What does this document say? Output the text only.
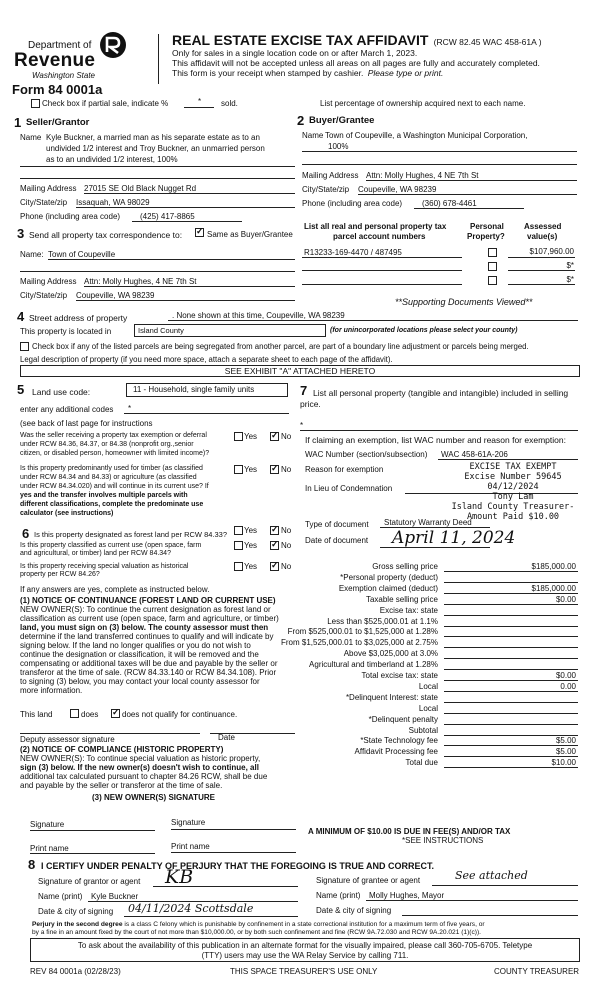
Department of
Revenue
Washington State
Form 84 0001a
REAL ESTATE EXCISE TAX AFFIDAVIT (RCW 82.45 WAC 458-61A )
Only for sales in a single location code on or after March 1, 2023.
This affidavit will not be accepted unless all areas on all pages are fully and accurately completed.
This form is your receipt when stamped by cashier. Please type or print.
Check box if partial sale, indicate %	* sold.	List percentage of ownership acquired next to each name.
1 Seller/Grantor
Name Kyle Buckner, a married man as his separate estate as to an
undivided 1/2 interest and Troy Buckner, an unmarried person
as to an undivided 1/2 interest, 100%
Mailing Address 27015 SE Old Black Nugget Rd
City/State/zip Issaquah, WA 98029
Phone (including area code) (425) 417-8865
2 Buyer/Grantee
Name Town of Coupeville, a Washington Municipal Corporation,
100%
Mailing Address Attn: Molly Hughes, 4 NE 7th St
City/State/zip Coupeville, WA 98239
Phone (including area code) (360) 678-4461
3 Send all property tax correspondence to: ✓	Same as Buyer/Grantee
Name: Town of Coupeville
Mailing Address Attn: Molly Hughes, 4 NE 7th St
City/State/zip Coupeville, WA 98239
List all real and personal property tax
parcel account numbers
Personal
Property?
Assessed
value(s)
R13233-169-4470 / 487495	$107,960.00
$*
$*
**Supporting Documents Viewed**
4 Street address of property	. None shown at this time, Coupeville, WA 98239
This property is located in	Island County	(for unincorporated locations please select your county)
Check box if any of the listed parcels are being segregated from another parcel, are part of a boundary line adjustment or parcels being merged.
Legal description of property (if you need more space, attach a separate sheet to each page of the affidavit).
SEE EXHIBIT "A" ATTACHED HERETO
5 Land use code:	11 - Household, single family units
enter any additional codes *
(see back of last page for instructions
Was the seller receiving a property tax exemption or deferral
under RCW 84.36, 84.37, or 84.38 (nonprofit org.,senior
citizen, or disabled person, homeowner with limited income)?
Yes ✓	No
Is this property predominantly used for timber (as classified
under RCW 84.34 and 84.33) or agriculture (as classified
under RCW 84.34.020) and will continue in its current use? If
yes and the transfer involves multiple parcels with
different classifications, complete the predominate use
calculator (see instructions)
Yes ✓	No
6 Is this property designated as forest land per RCW 84.33? Yes ✓	No
Is this property classified as current use (open space, farm
and agricultural, or timber) land per RCW 84.34?
Yes ✓	No
Is this property receiving special valuation as historical
property per RCW 84.26?
Yes ✓	No
If any answers are yes, complete as instructed below.
(1) NOTICE OF CONTINUANCE (FOREST LAND OR CURRENT USE)
NEW OWNER(S): To continue the current designation as forest land or
classification as current use (open space, farm and agriculture, or timber)
land, you must sign on (3) below. The county assessor must then
determine if the land transferred continues to qualify and will indicate by
signing below. If the land no longer qualifies or you do not wish to
continue the designation or classification, it will be removed and the
compensating or additional taxes will be due and payable by the seller or
transferor at the time of sale. (RCW 84.33.140 or RCW 84.34.108). Prior
to signing (3) below, you may contact your local county assessor for
more information.
This land	does ✓	does not qualify for continuance.
Deputy assessor signature	Date
(2) NOTICE OF COMPLIANCE (HISTORIC PROPERTY)
NEW OWNER(S): To continue special valuation as historic property,
sign (3) below. If the new owner(s) doesn't wish to continue, all
additional tax calculated pursuant to chapter 84.26 RCW, shall be due
and payable by the seller or transferor at the time of sale.
(3) NEW OWNER(S) SIGNATURE
Signature	Signature
Print name	Print name
7 List all personal property (tangible and intangible) included in selling
price.
*
If claiming an exemption, list WAC number and reason for exemption:
WAC Number (section/subsection) WAC 458-61A-206
Reason for exemption
In Lieu of Condemnation
EXCISE TAX EXEMPT
Excise Number 59645
04/12/2024
Tony Lam
Island County Treasurer-
Amount Paid $10.00
Type of document Statutory Warranty Deed
Date of document April 11, 2024
Gross selling price	$185,000.00
*Personal property (deduct)
Exemption claimed (deduct)	$185,000.00
Taxable selling price	$0.00
Excise tax: state
Less than $525,000.01 at 1.1%
From $525,000.01 to $1,525,000 at 1.28%
From $1,525,000.01 to $3,025,000 at 2.75%
Above $3,025,000 at 3.0%
Agricultural and timberland at 1.28%
Total excise tax: state	$0.00
Local	0.00
*Delinquent Interest: state
Local
*Delinquent penalty
Subtotal
*State Technology fee	$5.00
Affidavit Processing fee	$5.00
Total due	$10.00
A MINIMUM OF $10.00 IS DUE IN FEE(S) AND/OR TAX
*SEE INSTRUCTIONS
8 I CERTIFY UNDER PENALTY OF PERJURY THAT THE FOREGOING IS TRUE AND CORRECT.
Signature of grantor or agent KB
Name (print) Kyle Buckner
Date & city of signing 04/11/2024 Scottsdale
Signature of grantee or agent	See attached
Name (print) Molly Hughes, Mayor
Date & city of signing
Perjury in the second degree is a class C felony which is punishable by confinement in a state correctional institution for a maximum term of five years, or
by a fine in an amount fixed by the court of not more than $10,000.00, or by both such confinement and fine (RCW 9A.72.030 and RCW 9A.20.021 (1)(c)).
To ask about the availability of this publication in an alternate format for the visually impaired, please call 360-705-6705. Teletype
(TTY) users may use the WA Relay Service by calling 711.
REV 84 0001a (02/28/23)	THIS SPACE TREASURER'S USE ONLY	COUNTY TREASURER
